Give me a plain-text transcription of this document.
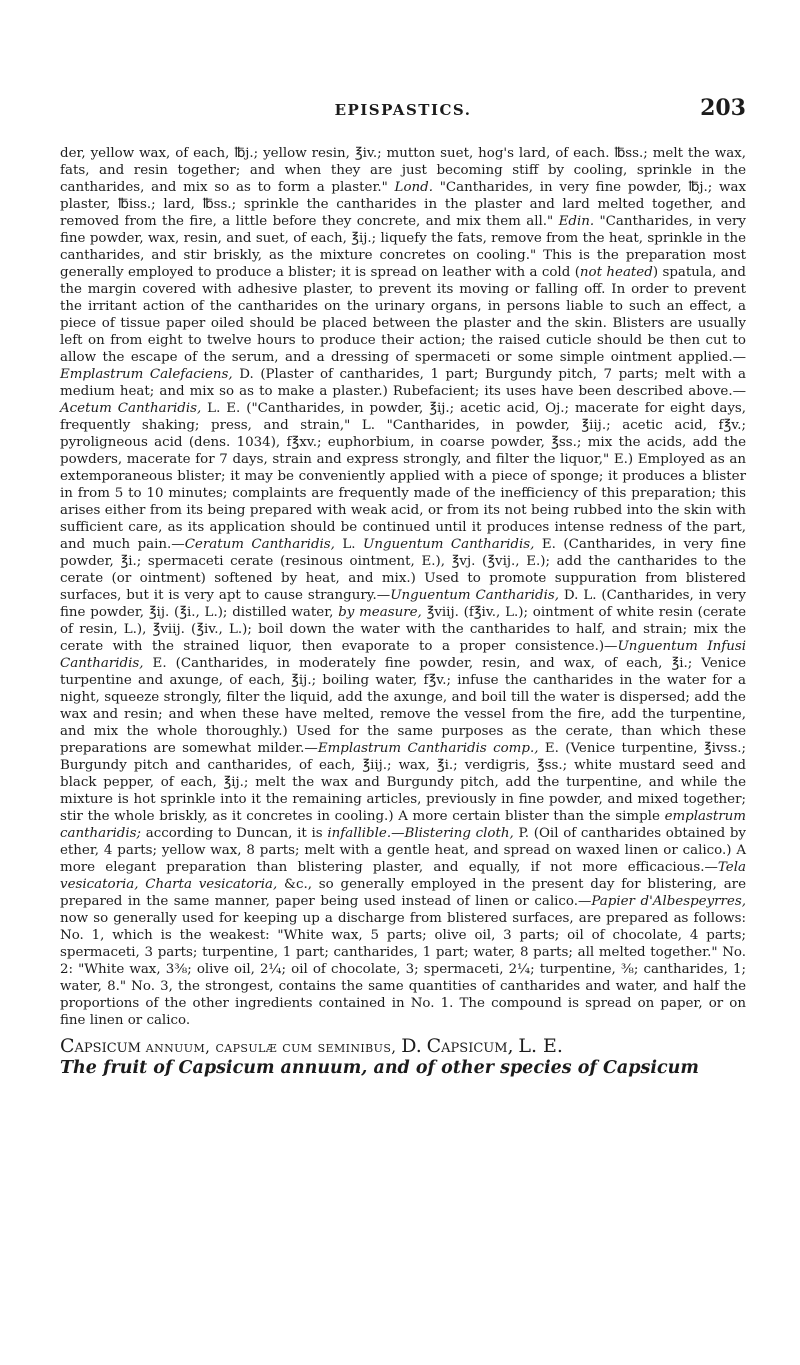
EPISPASTICS.	203

der, yellow wax, of each, ℔j.; yellow resin, ℥iv.; mutton suet, hog's lard, of each. ℔ss.; melt the wax, fats, and resin together; and when they are just becoming stiff by cooling, sprinkle in the cantharides, and mix so as to form a plaster." Lond. "Cantharides, in very fine powder, ℔j.; wax plaster, ℔iss.; lard, ℔ss.; sprinkle the cantharides in the plaster and lard melted together, and removed from the fire, a little before they concrete, and mix them all." Edin. "Cantharides, in very fine powder, wax, resin, and suet, of each, ℥ij.; liquefy the fats, remove from the heat, sprinkle in the cantharides, and stir briskly, as the mixture concretes on cooling." This is the preparation most generally employed to produce a blister; it is spread on leather with a cold (not heated) spatula, and the margin covered with adhesive plaster, to prevent its moving or falling off. In order to prevent the irritant action of the cantharides on the urinary organs, in persons liable to such an effect, a piece of tissue paper oiled should be placed between the plaster and the skin. Blisters are usually left on from eight to twelve hours to produce their action; the raised cuticle should be then cut to allow the escape of the serum, and a dressing of spermaceti or some simple ointment applied.—Emplastrum Calefaciens, D. (Plaster of cantharides, 1 part; Burgundy pitch, 7 parts; melt with a medium heat; and mix so as to make a plaster.) Rubefacient; its uses have been described above.—Acetum Cantharidis, L. E. ("Cantharides, in powder, ℥ij.; acetic acid, Oj.; macerate for eight days, frequently shaking; press, and strain," L. "Cantharides, in powder, ℥iij.; acetic acid, f℥v.; pyroligneous acid (dens. 1034), f℥xv.; euphorbium, in coarse powder, ℥ss.; mix the acids, add the powders, macerate for 7 days, strain and express strongly, and filter the liquor," E.) Employed as an extemporaneous blister; it may be conveniently applied with a piece of sponge; it produces a blister in from 5 to 10 minutes; complaints are frequently made of the inefficiency of this preparation; this arises either from its being prepared with weak acid, or from its not being rubbed into the skin with sufficient care, as its application should be continued until it produces intense redness of the part, and much pain.—Ceratum Cantharidis, L. Unguentum Cantharidis, E. (Cantharides, in very fine powder, ℥i.; spermaceti cerate (resinous ointment, E.), ℥vj. (℥vij., E.); add the cantharides to the cerate (or ointment) softened by heat, and mix.) Used to promote suppuration from blistered surfaces, but it is very apt to cause strangury.—Unguentum Cantharidis, D. L. (Cantharides, in very fine powder, ℥ij. (℥i., L.); distilled water, by measure, ℥viij. (f℥iv., L.); ointment of white resin (cerate of resin, L.), ℥viij. (℥iv., L.); boil down the water with the cantharides to half, and strain; mix the cerate with the strained liquor, then evaporate to a proper consistence.)—Unguentum Infusi Cantharidis, E. (Cantharides, in moderately fine powder, resin, and wax, of each, ℥i.; Venice turpentine and axunge, of each, ℥ij.; boiling water, f℥v.; infuse the cantharides in the water for a night, squeeze strongly, filter the liquid, add the axunge, and boil till the water is dispersed; add the wax and resin; and when these have melted, remove the vessel from the fire, add the turpentine, and mix the whole thoroughly.) Used for the same purposes as the cerate, than which these preparations are somewhat milder.—Emplastrum Cantharidis comp., E. (Venice turpentine, ℥ivss.; Burgundy pitch and cantharides, of each, ℥iij.; wax, ℥i.; verdigris, ℥ss.; white mustard seed and black pepper, of each, ℥ij.; melt the wax and Burgundy pitch, add the turpentine, and while the mixture is hot sprinkle into it the remaining articles, previously in fine powder, and mixed together; stir the whole briskly, as it concretes in cooling.) A more certain blister than the simple emplastrum cantharidis; according to Duncan, it is infallible.—Blistering cloth, P. (Oil of cantharides obtained by ether, 4 parts; yellow wax, 8 parts; melt with a gentle heat, and spread on waxed linen or calico.) A more elegant preparation than blistering plaster, and equally, if not more efficacious.—Tela vesicatoria, Charta vesicatoria, &c., so generally employed in the present day for blistering, are prepared in the same manner, paper being used instead of linen or calico.—Papier d'Albespeyrres, now so generally used for keeping up a discharge from blistered surfaces, are prepared as follows: No. 1, which is the weakest: "White wax, 5 parts; olive oil, 3 parts; oil of chocolate, 4 parts; spermaceti, 3 parts; turpentine, 1 part; cantharides, 1 part; water, 8 parts; all melted together." No. 2: "White wax, 3⅜; olive oil, 2¼; oil of chocolate, 3; spermaceti, 2¼; turpentine, ⅜; cantharides, 1; water, 8." No. 3, the strongest, contains the same quantities of cantharides and water, and half the proportions of the other ingredients contained in No. 1. The compound is spread on paper, or on fine linen or calico.

Capsicum annuum, capsulæ cum seminibus, D. Capsicum, L. E.
The fruit of Capsicum annuum, and of other species of Capsicum
